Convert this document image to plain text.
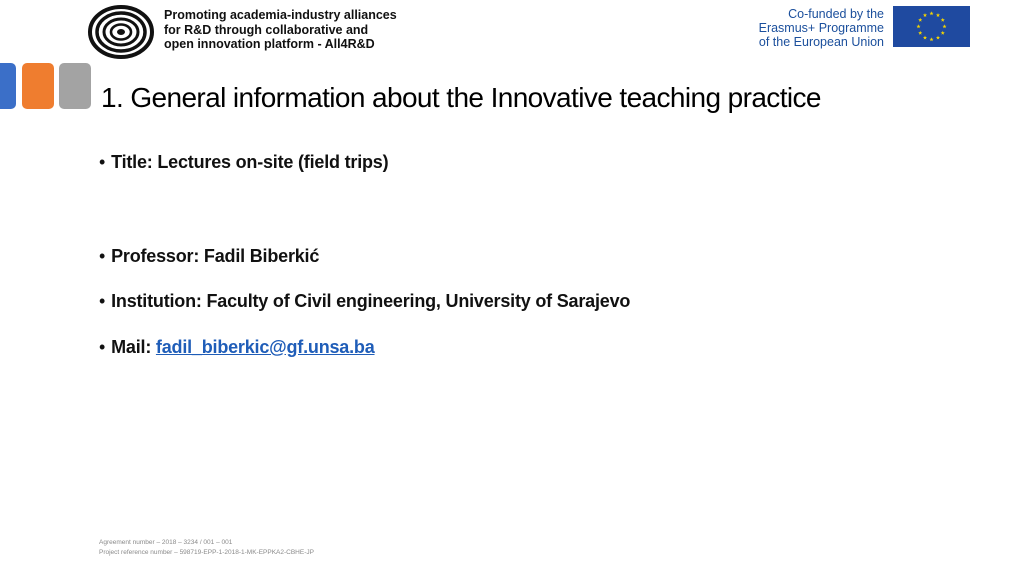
Promoting academia-industry alliances
for R&D through collaborative and
open innovation platform - All4R&D
Co-funded by the
Erasmus+ Programme
of the European Union
1. General information about the Innovative teaching practice
• Title: Lectures on-site (field trips)
• Professor: Fadil Biberkić
• Institution: Faculty of Civil engineering, University of Sarajevo
• Mail: fadil_biberkic@gf.unsa.ba
Agreement number – 2018 – 3234 / 001 – 001
Project reference number – 598719-EPP-1-2018-1-MK-EPPKA2-CBHE-JP
